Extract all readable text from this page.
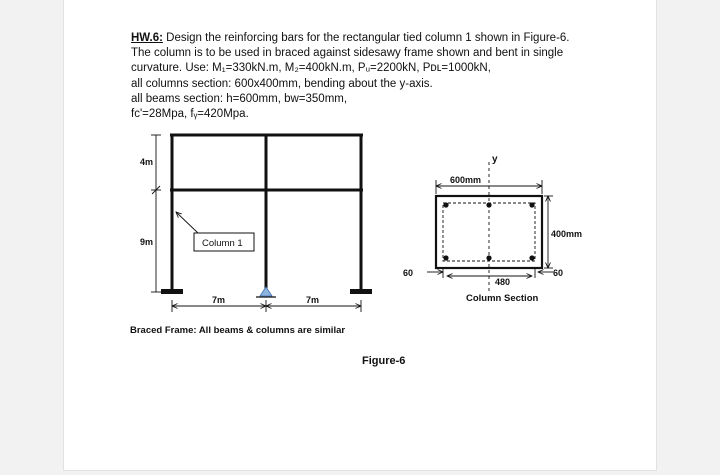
HW.6: Design the reinforcing bars for the rectangular tied column 1 shown in Figure-6.
The column is to be used in braced against sidesawy frame shown and bent in single
curvature. Use: M₁=330kN.m, M₂=400kN.m, Pᵤ=2200kN, Pᴅʟ=1000kN,
all columns section: 600x400mm, bending about the y-axis.
all beams section: h=600mm, bᴡ=350mm,
fᴄ'=28Mpa, fᵧ=420Mpa.
4m
9m	Column 1
7m	7m
Braced Frame: All beams & columns are similar
y
600mm
400mm
60
480
60
Column Section
Figure-6
